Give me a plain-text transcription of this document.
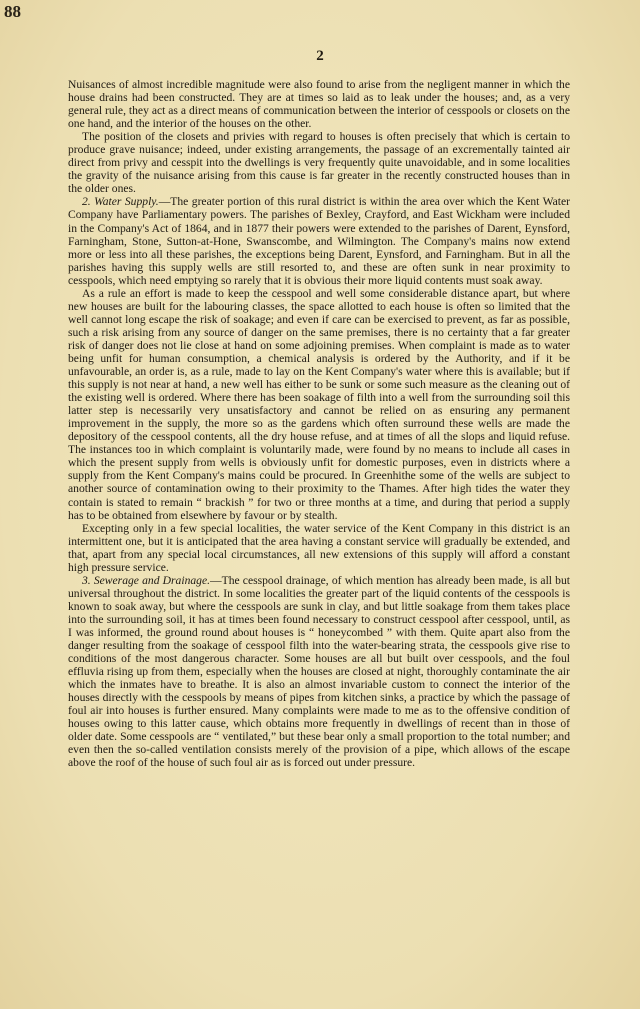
88
2

Nuisances of almost incredible magnitude were also found to arise from the negligent manner in which the house drains had been constructed. They are at times so laid as to leak under the houses; and, as a very general rule, they act as a direct means of communication between the interior of cesspools or closets on the one hand, and the interior of the houses on the other.

The position of the closets and privies with regard to houses is often precisely that which is certain to produce grave nuisance; indeed, under existing arrangements, the passage of an excrementally tainted air direct from privy and cesspit into the dwellings is very frequently quite unavoidable, and in some localities the gravity of the nuisance arising from this cause is far greater in the recently constructed houses than in the older ones.

2. Water Supply.—The greater portion of this rural district is within the area over which the Kent Water Company have Parliamentary powers. The parishes of Bexley, Crayford, and East Wickham were included in the Company's Act of 1864, and in 1877 their powers were extended to the parishes of Darent, Eynsford, Farningham, Stone, Sutton-at-Hone, Swanscombe, and Wilmington. The Company's mains now extend more or less into all these parishes, the exceptions being Darent, Eynsford, and Farningham. But in all the parishes having this supply wells are still resorted to, and these are often sunk in near proximity to cesspools, which need emptying so rarely that it is obvious their more liquid contents must soak away.

As a rule an effort is made to keep the cesspool and well some considerable distance apart, but where new houses are built for the labouring classes, the space allotted to each house is often so limited that the well cannot long escape the risk of soakage; and even if care can be exercised to prevent, as far as possible, such a risk arising from any source of danger on the same premises, there is no certainty that a far greater risk of danger does not lie close at hand on some adjoining premises. When complaint is made as to water being unfit for human consumption, a chemical analysis is ordered by the Authority, and if it be unfavourable, an order is, as a rule, made to lay on the Kent Company's water where this is available; but if this supply is not near at hand, a new well has either to be sunk or some such measure as the cleaning out of the existing well is ordered. Where there has been soakage of filth into a well from the surrounding soil this latter step is necessarily very unsatisfactory and cannot be relied on as ensuring any permanent improvement in the supply, the more so as the gardens which often surround these wells are made the depository of the cesspool contents, all the dry house refuse, and at times of all the slops and liquid refuse. The instances too in which complaint is voluntarily made, were found by no means to include all cases in which the present supply from wells is obviously unfit for domestic purposes, even in districts where a supply from the Kent Company's mains could be procured. In Greenhithe some of the wells are subject to another source of contamination owing to their proximity to the Thames. After high tides the water they contain is stated to remain “ brackish ” for two or three months at a time, and during that period a supply has to be obtained from elsewhere by favour or by stealth.

Excepting only in a few special localities, the water service of the Kent Company in this district is an intermittent one, but it is anticipated that the area having a constant service will gradually be extended, and that, apart from any special local circumstances, all new extensions of this supply will afford a constant high pressure service.

3. Sewerage and Drainage.—The cesspool drainage, of which mention has already been made, is all but universal throughout the district. In some localities the greater part of the liquid contents of the cesspools is known to soak away, but where the cesspools are sunk in clay, and but little soakage from them takes place into the surrounding soil, it has at times been found necessary to construct cesspool after cesspool, until, as I was informed, the ground round about houses is “ honeycombed ” with them. Quite apart also from the danger resulting from the soakage of cesspool filth into the water-bearing strata, the cesspools give rise to conditions of the most dangerous character. Some houses are all but built over cesspools, and the foul effluvia rising up from them, especially when the houses are closed at night, thoroughly contaminate the air which the inmates have to breathe. It is also an almost invariable custom to connect the interior of the houses directly with the cesspools by means of pipes from kitchen sinks, a practice by which the passage of foul air into houses is further ensured. Many complaints were made to me as to the offensive condition of houses owing to this latter cause, which obtains more frequently in dwellings of recent than in those of older date. Some cesspools are “ ventilated,” but these bear only a small proportion to the total number; and even then the so-called ventilation consists merely of the provision of a pipe, which allows of the escape above the roof of the house of such foul air as is forced out under pressure.
